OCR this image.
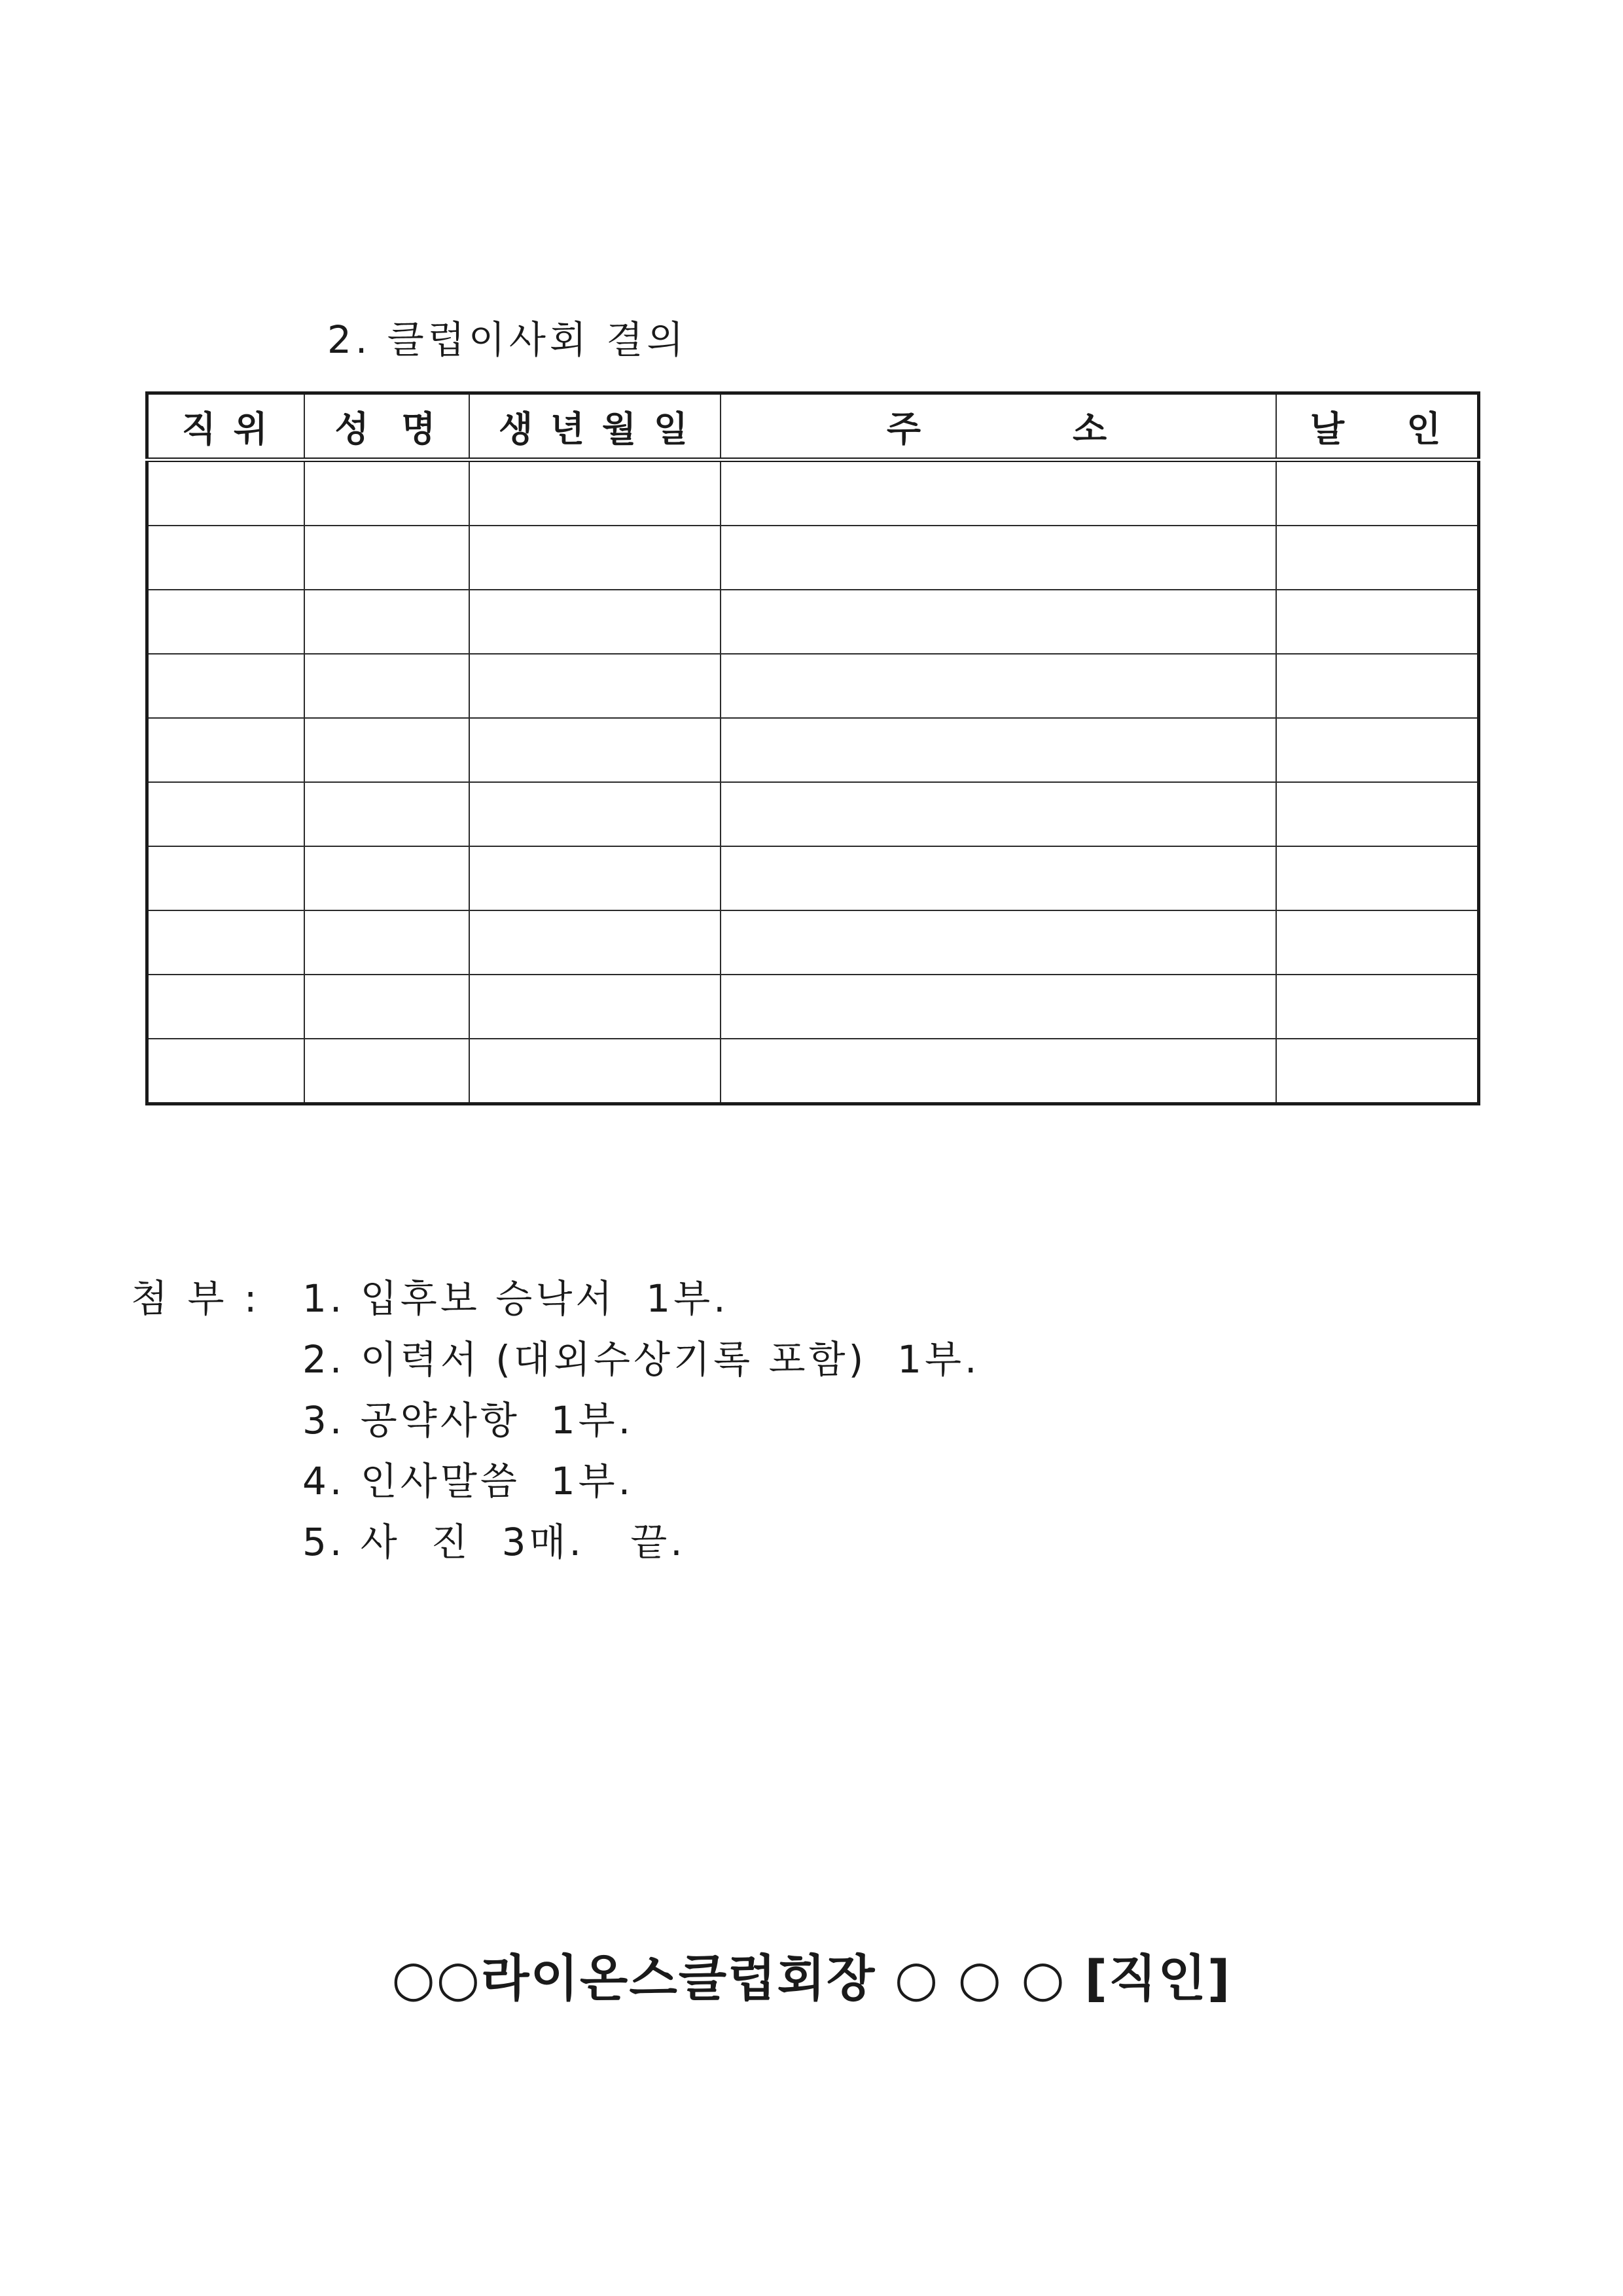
2. 클럽이사회 결의
직 위	성  명	생 년 월 일	주          소	날    인

첨 부 : 1. 입후보 승낙서  1부.
2. 이력서 (대외수상기록 포함)  1부.
3. 공약사항  1부.
4. 인사말씀  1부.
5. 사  진  3매.   끝.
○○라이온스클럽회장 ○ ○ ○ [직인]
